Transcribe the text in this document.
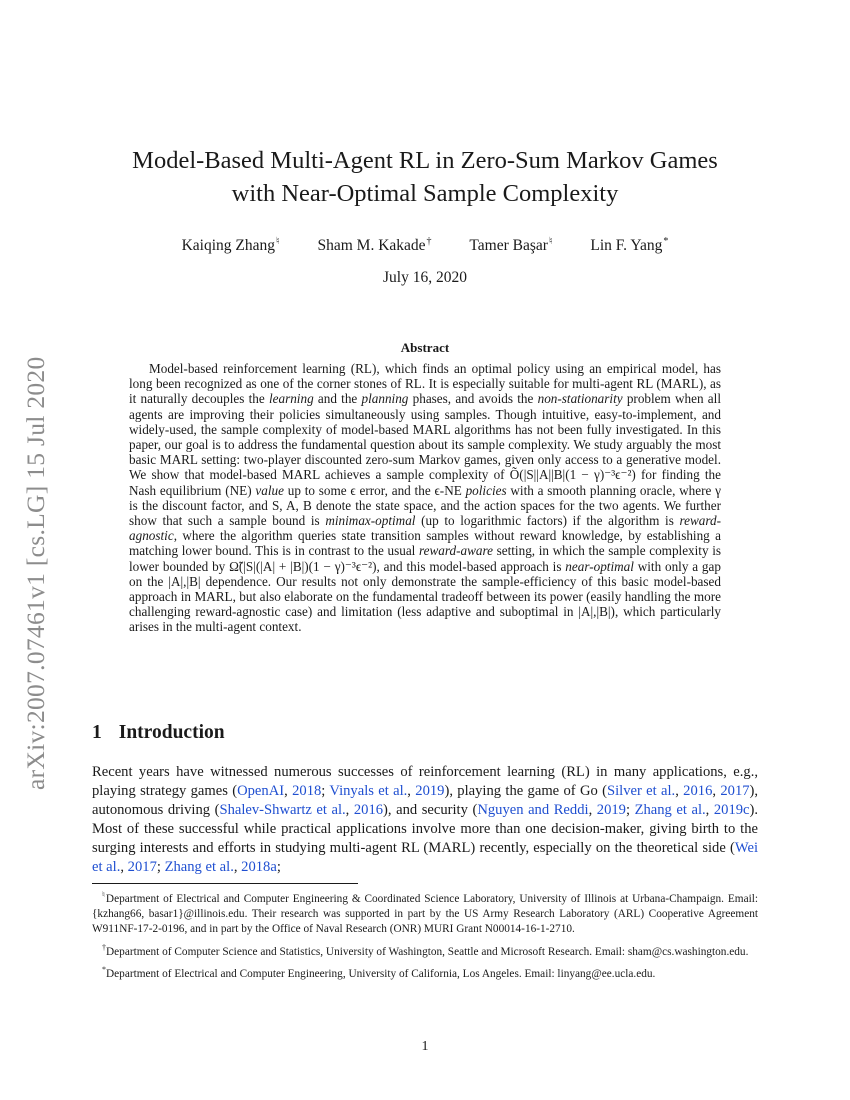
arXiv:2007.07461v1 [cs.LG] 15 Jul 2020
Model-Based Multi-Agent RL in Zero-Sum Markov Games
with Near-Optimal Sample Complexity
Kaiqing Zhang♮ Sham M. Kakade† Tamer Başar♮ Lin F. Yang*
July 16, 2020
Abstract

Model-based reinforcement learning (RL), which finds an optimal policy using an empirical model, has long been recognized as one of the corner stones of RL. It is especially suitable for multi-agent RL (MARL), as it naturally decouples the learning and the planning phases, and avoids the non-stationarity problem when all agents are improving their policies simultaneously using samples. Though intuitive, easy-to-implement, and widely-used, the sample complexity of model-based MARL algorithms has not been fully investigated. In this paper, our goal is to address the fundamental question about its sample complexity. We study arguably the most basic MARL setting: two-player discounted zero-sum Markov games, given only access to a generative model. We show that model-based MARL achieves a sample complexity of Õ(|S||A||B|(1 − γ)⁻³ϵ⁻²) for finding the Nash equilibrium (NE) value up to some ϵ error, and the ϵ-NE policies with a smooth planning oracle, where γ is the discount factor, and S, A, B denote the state space, and the action spaces for the two agents. We further show that such a sample bound is minimax-optimal (up to logarithmic factors) if the algorithm is reward-agnostic, where the algorithm queries state transition samples without reward knowledge, by establishing a matching lower bound. This is in contrast to the usual reward-aware setting, in which the sample complexity is lower bounded by Ω̃(|S|(|A| + |B|)(1 − γ)⁻³ϵ⁻²), and this model-based approach is near-optimal with only a gap on the |A|,|B| dependence. Our results not only demonstrate the sample-efficiency of this basic model-based approach in MARL, but also elaborate on the fundamental tradeoff between its power (easily handling the more challenging reward-agnostic case) and limitation (less adaptive and suboptimal in |A|,|B|), which particularly arises in the multi-agent context.

1 Introduction

Recent years have witnessed numerous successes of reinforcement learning (RL) in many applications, e.g., playing strategy games (OpenAI, 2018; Vinyals et al., 2019), playing the game of Go (Silver et al., 2016, 2017), autonomous driving (Shalev-Shwartz et al., 2016), and security (Nguyen and Reddi, 2019; Zhang et al., 2019c). Most of these successful while practical applications involve more than one decision-maker, giving birth to the surging interests and efforts in studying multi-agent RL (MARL) recently, especially on the theoretical side (Wei et al., 2017; Zhang et al., 2018a;

♮Department of Electrical and Computer Engineering & Coordinated Science Laboratory, University of Illinois at Urbana-Champaign. Email: {kzhang66, basar1}@illinois.edu. Their research was supported in part by the US Army Research Laboratory (ARL) Cooperative Agreement W911NF-17-2-0196, and in part by the Office of Naval Research (ONR) MURI Grant N00014-16-1-2710.

†Department of Computer Science and Statistics, University of Washington, Seattle and Microsoft Research. Email: sham@cs.washington.edu.

*Department of Electrical and Computer Engineering, University of California, Los Angeles. Email: linyang@ee.ucla.edu.

1
